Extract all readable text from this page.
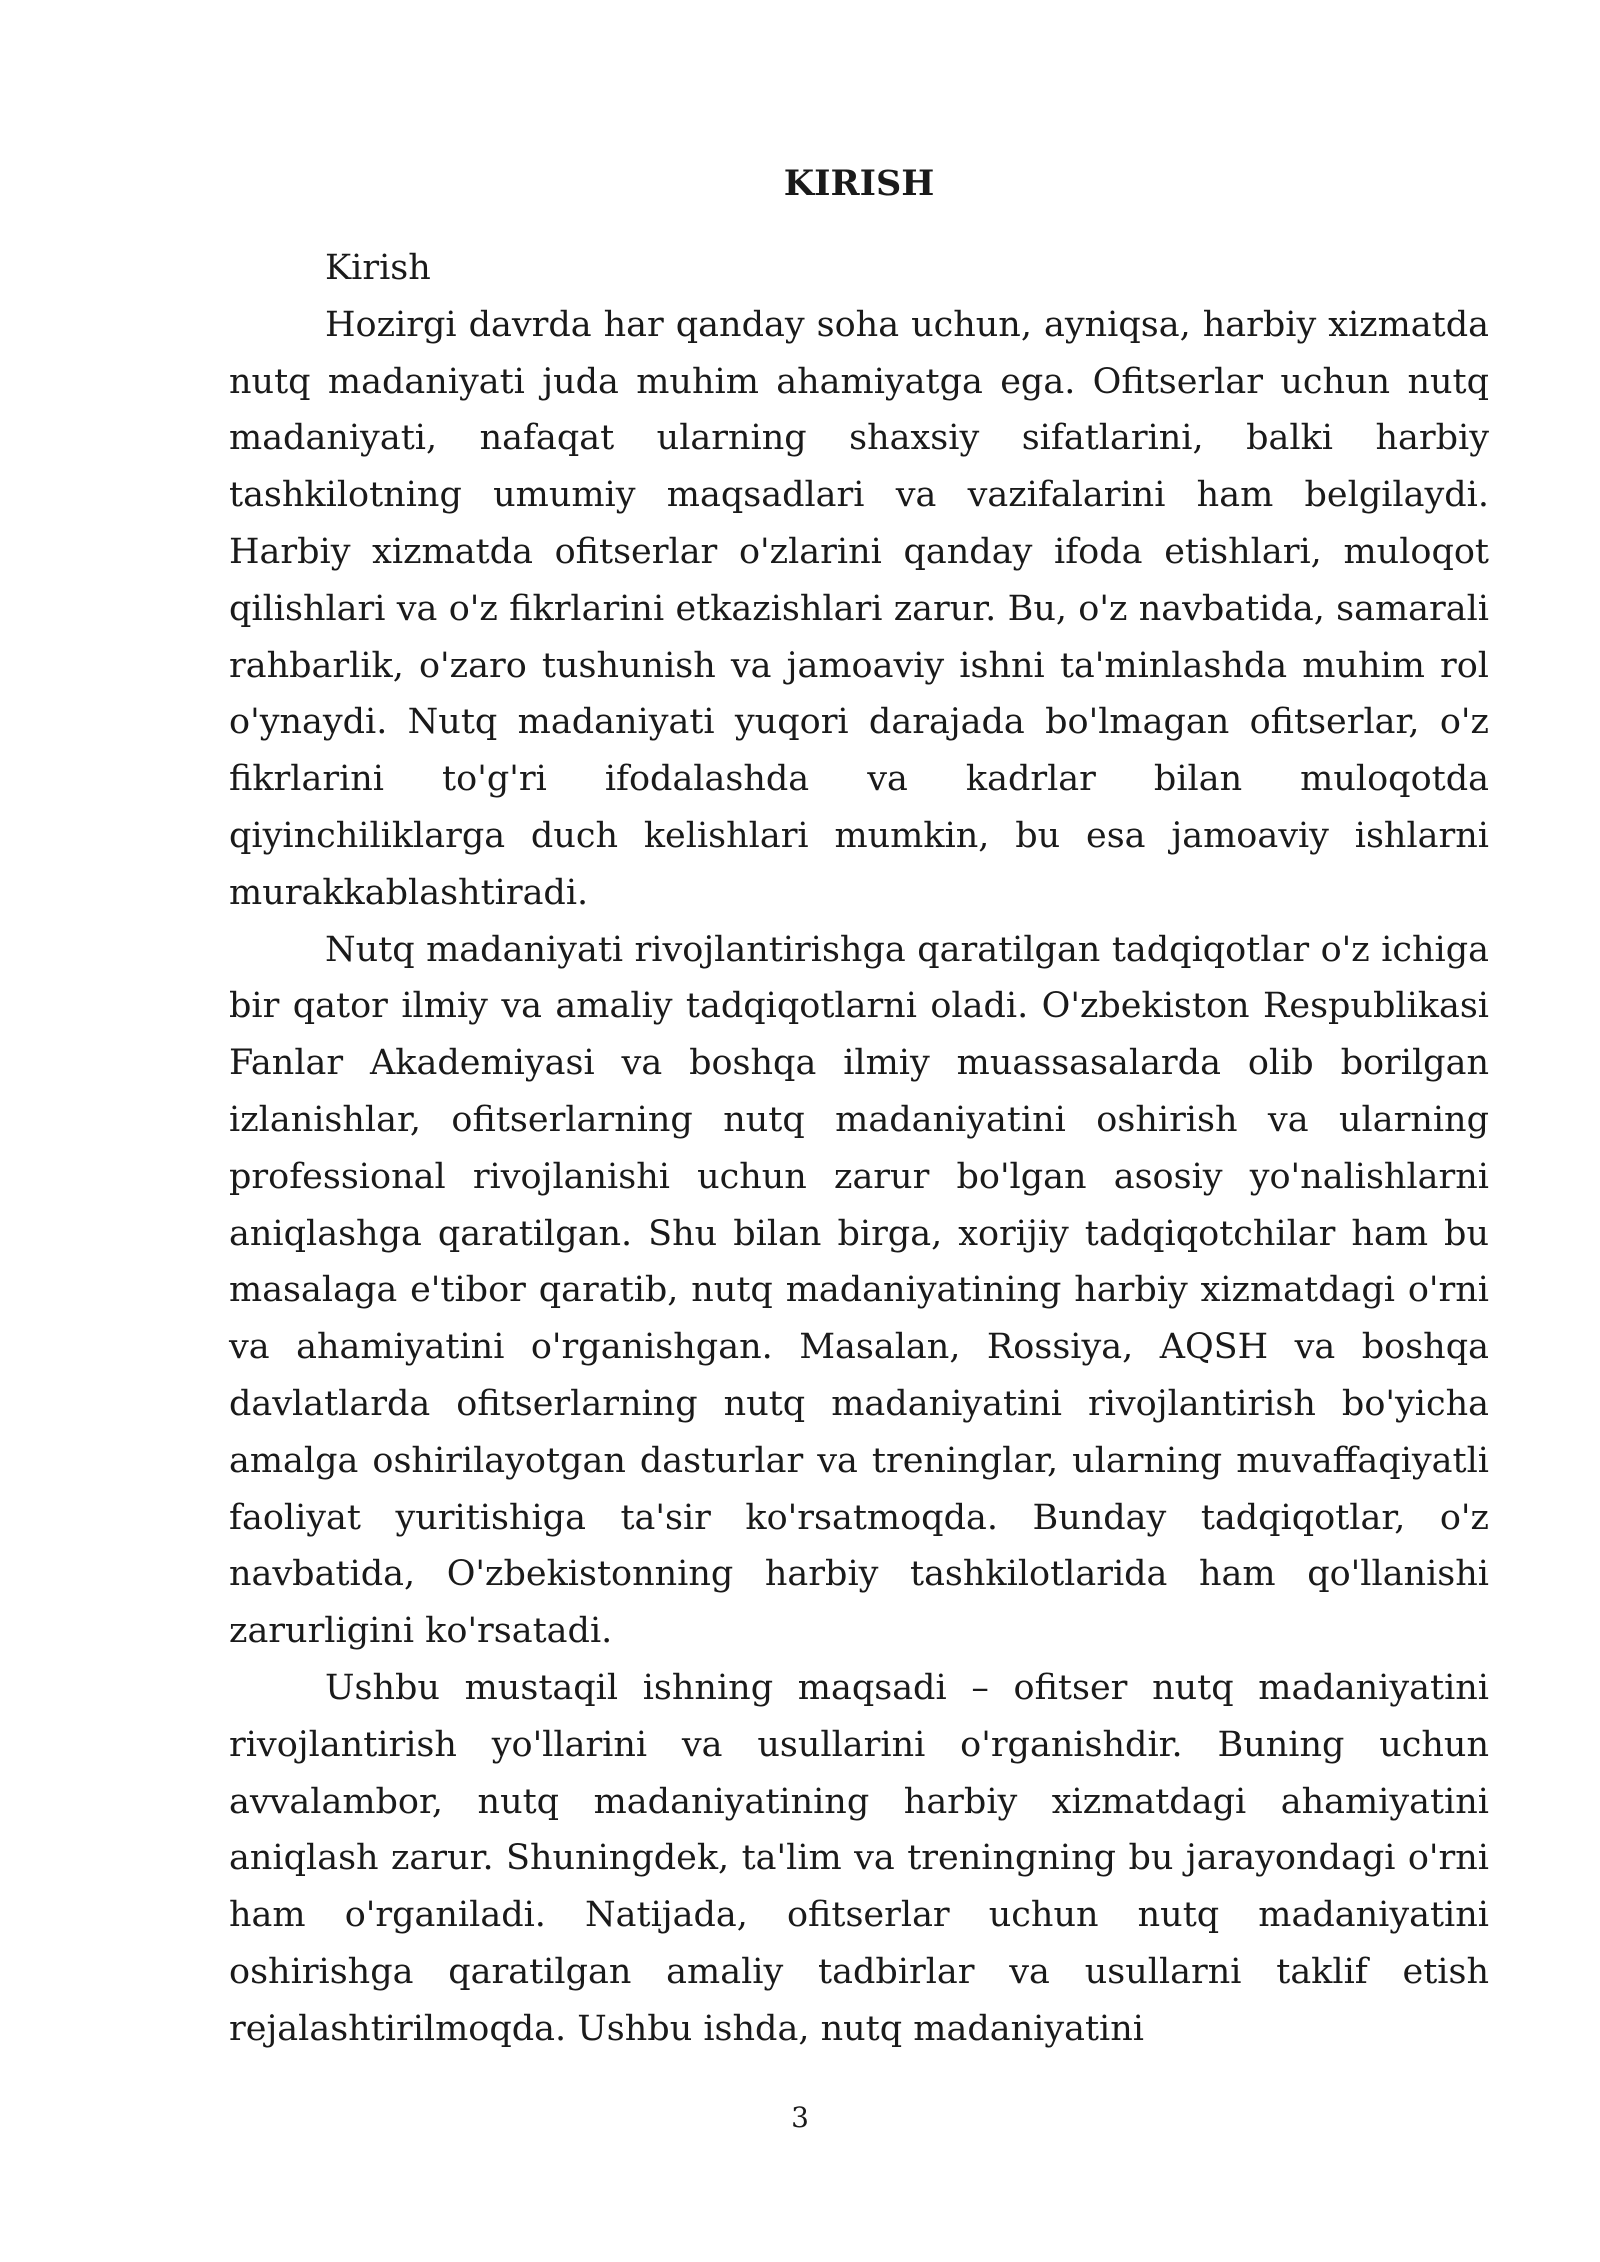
KIRISH

Kirish

Hozirgi davrda har qanday soha uchun, ayniqsa, harbiy xizmatda nutq madaniyati juda muhim ahamiyatga ega. Ofitserlar uchun nutq madaniyati, nafaqat ularning shaxsiy sifatlarini, balki harbiy tashkilotning umumiy maqsadlari va vazifalarini ham belgilaydi. Harbiy xizmatda ofitserlar o'zlarini qanday ifoda etishlari, muloqot qilishlari va o'z fikrlarini etkazishlari zarur. Bu, o'z navbatida, samarali rahbarlik, o'zaro tushunish va jamoaviy ishni ta'minlashda muhim rol o'ynaydi. Nutq madaniyati yuqori darajada bo'lmagan ofitserlar, o'z fikrlarini to'g'ri ifodalashda va kadrlar bilan muloqotda qiyinchiliklarga duch kelishlari mumkin, bu esa jamoaviy ishlarni murakkablashtiradi.

Nutq madaniyati rivojlantirishga qaratilgan tadqiqotlar o'z ichiga bir qator ilmiy va amaliy tadqiqotlarni oladi. O'zbekiston Respublikasi Fanlar Akademiyasi va boshqa ilmiy muassasalarda olib borilgan izlanishlar, ofitserlarning nutq madaniyatini oshirish va ularning professional rivojlanishi uchun zarur bo'lgan asosiy yo'nalishlarni aniqlashga qaratilgan. Shu bilan birga, xorijiy tadqiqotchilar ham bu masalaga e'tibor qaratib, nutq madaniyatining harbiy xizmatdagi o'rni va ahamiyatini o'rganishgan. Masalan, Rossiya, AQSH va boshqa davlatlarda ofitserlarning nutq madaniyatini rivojlantirish bo'yicha amalga oshirilayotgan dasturlar va treninglar, ularning muvaffaqiyatli faoliyat yuritishiga ta'sir ko'rsatmoqda. Bunday tadqiqotlar, o'z navbatida, O'zbekistonning harbiy tashkilotlarida ham qo'llanishi zarurligini ko'rsatadi.

Ushbu mustaqil ishning maqsadi – ofitser nutq madaniyatini rivojlantirish yo'llarini va usullarini o'rganishdir. Buning uchun avvalambor, nutq madaniyatining harbiy xizmatdagi ahamiyatini aniqlash zarur. Shuningdek, ta'lim va treningning bu jarayondagi o'rni ham o'rganiladi. Natijada, ofitserlar uchun nutq madaniyatini oshirishga qaratilgan amaliy tadbirlar va usullarni taklif etish rejalashtirilmoqda. Ushbu ishda, nutq madaniyatini

3
